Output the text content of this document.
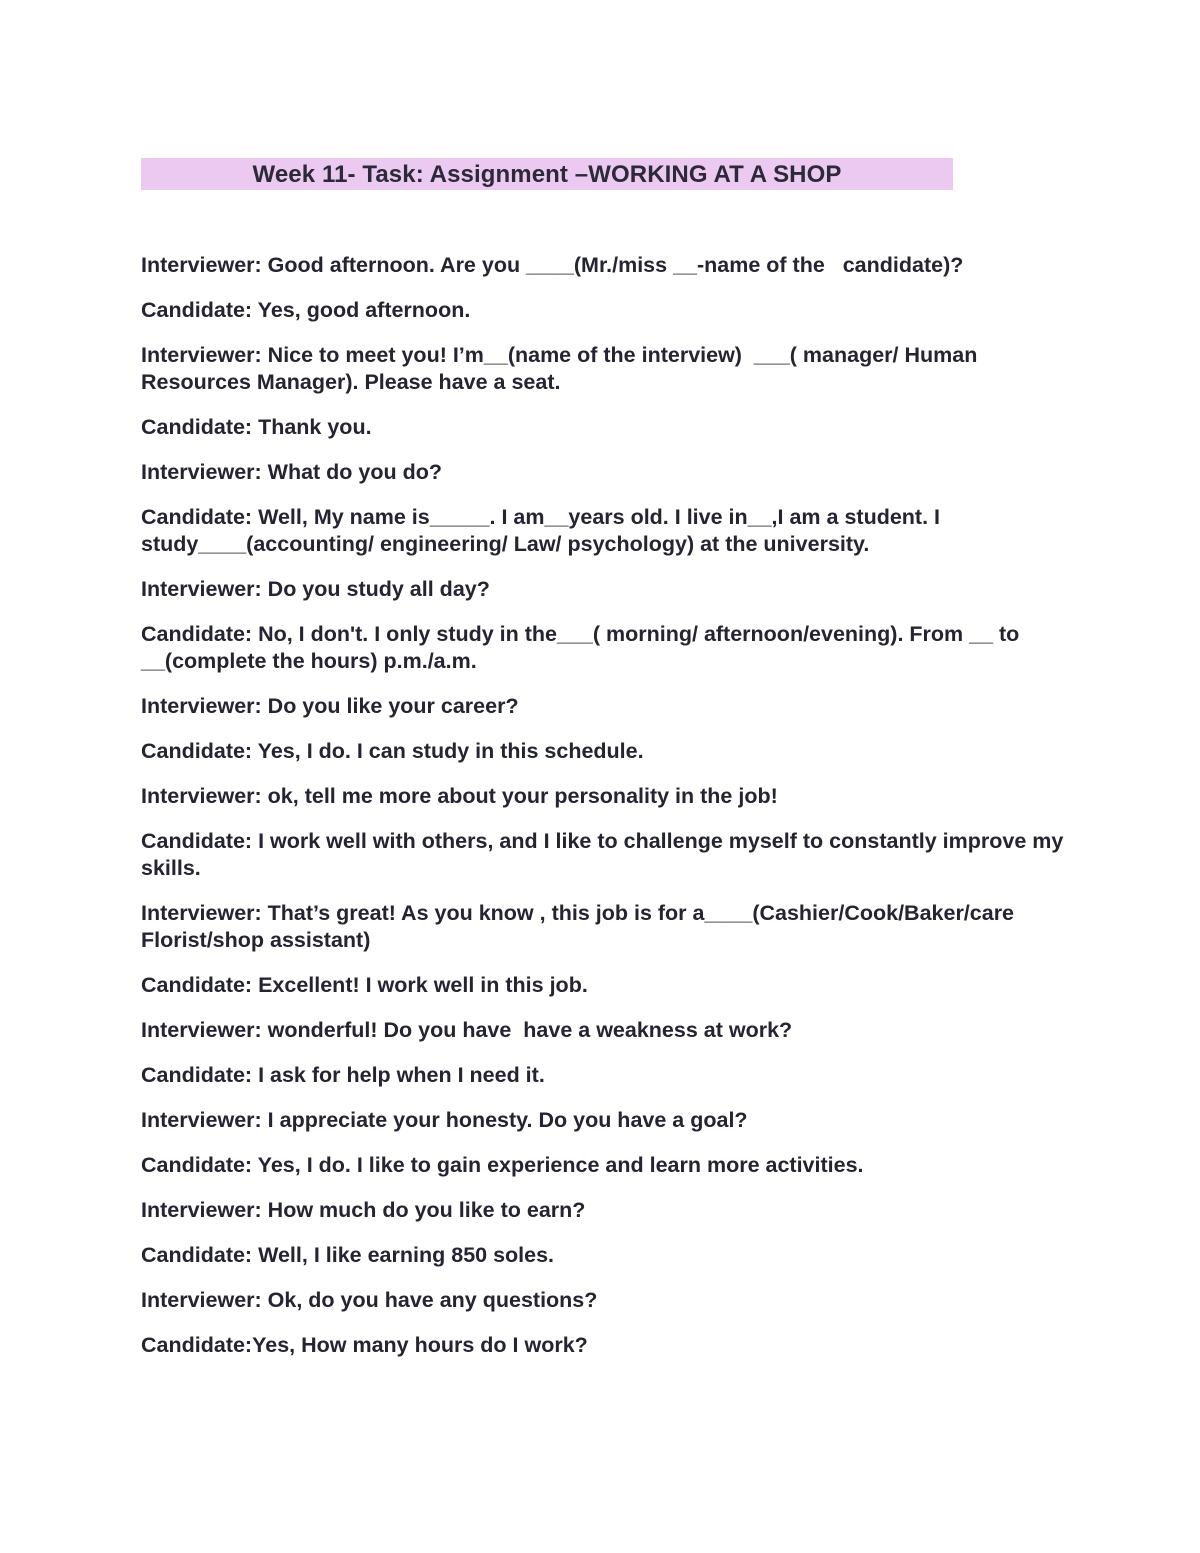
Week 11- Task: Assignment –WORKING AT A SHOP

Interviewer: Good afternoon. Are you ____(Mr./miss __-name of the   candidate)?

Candidate: Yes, good afternoon.

Interviewer: Nice to meet you! I’m__(name of the interview)  ___( manager/ Human Resources Manager). Please have a seat.

Candidate: Thank you.

Interviewer: What do you do?

Candidate: Well, My name is_____. I am__years old. I live in__,I am a student. I study____(accounting/ engineering/ Law/ psychology) at the university.

Interviewer: Do you study all day?

Candidate: No, I don't. I only study in the___( morning/ afternoon/evening). From __ to __(complete the hours) p.m./a.m.

Interviewer: Do you like your career?

Candidate: Yes, I do. I can study in this schedule.

Interviewer: ok, tell me more about your personality in the job!

Candidate: I work well with others, and I like to challenge myself to constantly improve my skills.

Interviewer: That’s great! As you know , this job is for a____(Cashier/Cook/Baker/care Florist/shop assistant)

Candidate: Excellent! I work well in this job.

Interviewer: wonderful! Do you have  have a weakness at work?

Candidate: I ask for help when I need it.

Interviewer: I appreciate your honesty. Do you have a goal?

Candidate: Yes, I do. I like to gain experience and learn more activities.

Interviewer: How much do you like to earn?

Candidate: Well, I like earning 850 soles.

Interviewer: Ok, do you have any questions?

Candidate:Yes, How many hours do I work?
